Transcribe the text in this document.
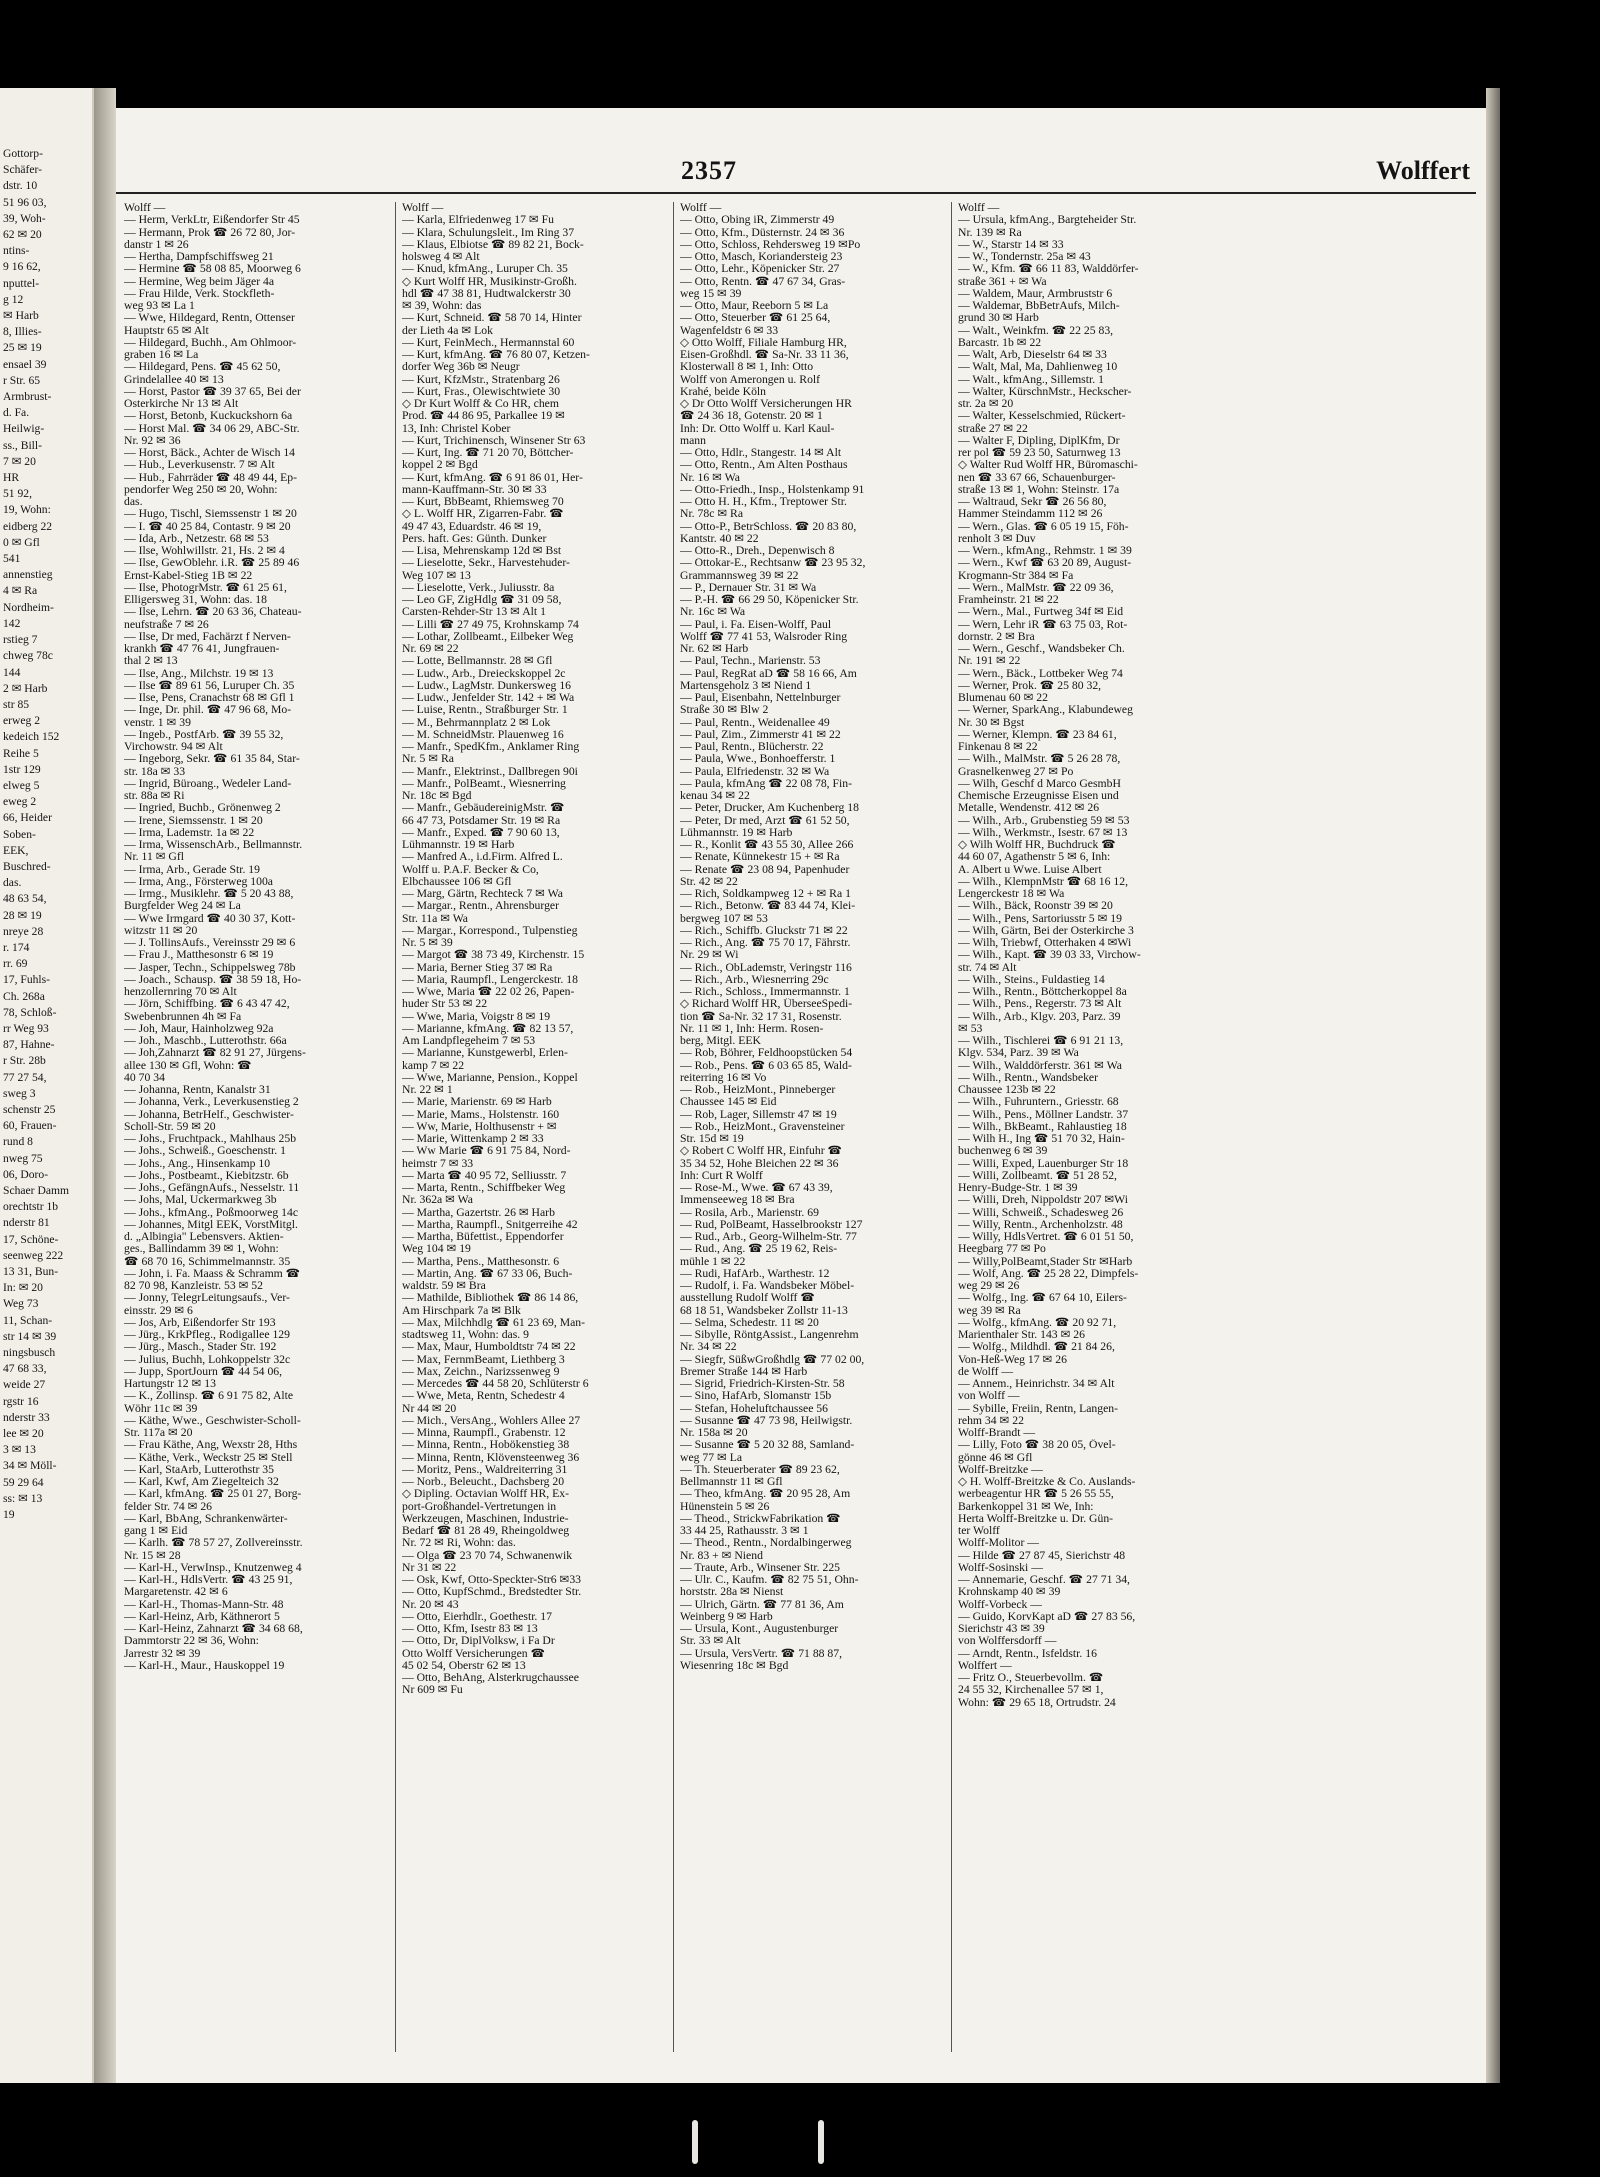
Gottorp-
Schäfer-
dstr. 10
51 96 03,
39, Woh-
62 ✉ 20
ntins-
9 16 62,
nputtel-
g 12
✉ Harb
8, Illies-
25 ✉ 19
ensael 39
r Str. 65
Armbrust-
d. Fa.
Heilwig-
ss., Bill-
7 ✉ 20
HR
51 92,
19, Wohn:
eidberg 22
0 ✉ Gfl
541
annenstieg
4 ✉ Ra
Nordheim-
142
rstieg 7
chweg 78c
144
2 ✉ Harb
str 85
erweg 2
kedeich 152
Reihe 5
1str 129
elweg 5
eweg 2
66, Heider
Soben-
EEK,
Buschred-
das.
48 63 54,
28 ✉ 19
nreye 28
r. 174
rr. 69
17, Fuhls-
Ch. 268a
78, Schloß-
rr Weg 93
87, Hahne-
r Str. 28b
77 27 54,
sweg 3
schenstr 25
60, Frauen-
rund 8
nweg 75
06, Doro-
Schaer Damm
orechtstr 1b
nderstr 81
17, Schöne-
seenweg 222
13 31, Bun-
In: ✉ 20
Weg 73
11, Schan-
str 14 ✉ 39
ningsbusch
47 68 33,
weide 27
rgstr 16
nderstr 33
lee ✉ 20
3 ✉ 13
34 ✉ Möll-
59 29 64
ss: ✉ 13
19
2357	Wolffert
Wolff —
— Herm, VerkLtr, Eißendorfer Str 45
— Hermann, Prok ☎ 26 72 80, Jor-
danstr 1 ✉ 26
— Hertha, Dampfschiffsweg 21
— Hermine ☎ 58 08 85, Moorweg 6
— Hermine, Weg beim Jäger 4a
— Frau Hilde, Verk. Stockfleth-
weg 93 ✉ La 1
— Wwe, Hildegard, Rentn, Ottenser
Hauptstr 65 ✉ Alt
— Hildegard, Buchh., Am Ohlmoor-
graben 16 ✉ La
— Hildegard, Pens. ☎ 45 62 50,
Grindelallee 40 ✉ 13
— Horst, Pastor ☎ 39 37 65, Bei der
Osterkirche Nr 13 ✉ Alt
— Horst, Betonb, Kuckuckshorn 6a
— Horst Mal. ☎ 34 06 29, ABC-Str.
Nr. 92 ✉ 36
— Horst, Bäck., Achter de Wisch 14
— Hub., Leverkusenstr. 7 ✉ Alt
— Hub., Fahrräder ☎ 48 49 44, Ep-
pendorfer Weg 250 ✉ 20, Wohn:
das.
— Hugo, Tischl, Siemssenstr 1 ✉ 20
— I. ☎ 40 25 84, Contastr. 9 ✉ 20
— Ida, Arb., Netzestr. 68 ✉ 53
— Ilse, Wohlwillstr. 21, Hs. 2 ✉ 4
— Ilse, GewOblehr. i.R. ☎ 25 89 46
Ernst-Kabel-Stieg 1B ✉ 22
— Ilse, PhotogrMstr. ☎ 61 25 61,
Elligersweg 31, Wohn: das. 18
— Ilse, Lehrn. ☎ 20 63 36, Chateau-
neufstraße 7 ✉ 26
— Ilse, Dr med, Fachärzt f Nerven-
krankh ☎ 47 76 41, Jungfrauen-
thal 2 ✉ 13
— Ilse, Ang., Milchstr. 19 ✉ 13
— Ilse ☎ 89 61 56, Luruper Ch. 35
— Ilse, Pens, Cranachstr 68 ✉ Gfl 1
— Inge, Dr. phil. ☎ 47 96 68, Mo-
venstr. 1 ✉ 39
— Ingeb., PostfArb. ☎ 39 55 32,
Virchowstr. 94 ✉ Alt
— Ingeborg, Sekr. ☎ 61 35 84, Star-
str. 18a ✉ 33
— Ingrid, Büroang., Wedeler Land-
str. 88a ✉ Ri
— Ingried, Buchb., Grönenweg 2
— Irene, Siemssenstr. 1 ✉ 20
— Irma, Lademstr. 1a ✉ 22
— Irma, WissenschArb., Bellmannstr.
Nr. 11 ✉ Gfl
— Irma, Arb., Gerade Str. 19
— Irma, Ang., Försterweg 100a
— Irmg., Musiklehr. ☎ 5 20 43 88,
Burgfelder Weg 24 ✉ La
— Wwe Irmgard ☎ 40 30 37, Kott-
witzstr 11 ✉ 20
— J. TollinsAufs., Vereinsstr 29 ✉ 6
— Frau J., Matthesonstr 6 ✉ 19
— Jasper, Techn., Schippelsweg 78b
— Joach., Schausp. ☎ 38 59 18, Ho-
henzollernring 70 ✉ Alt
— Jörn, Schiffbing. ☎ 6 43 47 42,
Swebenbrunnen 4h ✉ Fa
— Joh, Maur, Hainholzweg 92a
— Joh., Maschb., Lutterothstr. 66a
— Joh,Zahnarzt ☎ 82 91 27, Jürgens-
allee 130 ✉ Gfl, Wohn: ☎
40 70 34
— Johanna, Rentn, Kanalstr 31
— Johanna, Verk., Leverkusenstieg 2
— Johanna, BetrHelf., Geschwister-
Scholl-Str. 59 ✉ 20
— Johs., Fruchtpack., Mahlhaus 25b
— Johs., Schweiß., Goeschenstr. 1
— Johs., Ang., Hinsenkamp 10
— Johs., Postbeamt., Kiebitzstr. 6b
— Johs., GefängnAufs., Nesselstr. 11
— Johs, Mal, Uckermarkweg 3b
— Johs., kfmAng., Poßmoorweg 14c
— Johannes, Mitgl EEK, VorstMitgl.
d. „Albingia" Lebensvers. Aktien-
ges., Ballindamm 39 ✉ 1, Wohn:
☎ 68 70 16, Schimmelmannstr. 35
— John, i. Fa. Maass & Schramm ☎
82 70 98, Kanzleistr. 53 ✉ 52
— Jonny, TelegrLeitungsaufs., Ver-
einsstr. 29 ✉ 6
— Jos, Arb, Eißendorfer Str 193
— Jürg., KrkPfleg., Rodigallee 129
— Jürg., Masch., Stader Str. 192
— Julius, Buchh, Lohkoppelstr 32c
— Jupp, SportJourn ☎ 44 54 06,
Hartungstr 12 ✉ 13
— K., Zollinsp. ☎ 6 91 75 82, Alte
Wöhr 11c ✉ 39
— Käthe, Wwe., Geschwister-Scholl-
Str. 117a ✉ 20
— Frau Käthe, Ang, Wexstr 28, Hths
— Käthe, Verk., Weckstr 25 ✉ Stell
— Karl, StaArb, Lutterothstr 35
— Karl, Kwf, Am Ziegelteich 32
— Karl, kfmAng. ☎ 25 01 27, Borg-
felder Str. 74 ✉ 26
— Karl, BbAng, Schrankenwärter-
gang 1 ✉ Eid
— Karlh. ☎ 78 57 27, Zollvereinsstr.
Nr. 15 ✉ 28
— Karl-H., VerwInsp., Knutzenweg 4
— Karl-H., HdlsVertr. ☎ 43 25 91,
Margaretenstr. 42 ✉ 6
— Karl-H., Thomas-Mann-Str. 48
— Karl-Heinz, Arb, Käthnerort 5
— Karl-Heinz, Zahnarzt ☎ 34 68 68,
Dammtorstr 22 ✉ 36, Wohn:
Jarrestr 32 ✉ 39
— Karl-H., Maur., Hauskoppel 19
Wolff —
— Karla, Elfriedenweg 17 ✉ Fu
— Klara, Schulungsleit., Im Ring 37
— Klaus, Elbiotse ☎ 89 82 21, Bock-
holsweg 4 ✉ Alt
— Knud, kfmAng., Luruper Ch. 35
◇ Kurt Wolff HR, Musikinstr-Großh.
hdl ☎ 47 38 81, Hudtwalckerstr 30
✉ 39, Wohn: das
— Kurt, Schneid. ☎ 58 70 14, Hinter
der Lieth 4a ✉ Lok
— Kurt, FeinMech., Hermannstal 60
— Kurt, kfmAng. ☎ 76 80 07, Ketzen-
dorfer Weg 36b ✉ Neugr
— Kurt, KfzMstr., Stratenbarg 26
— Kurt, Fras., Olewischtwiete 30
◇ Dr Kurt Wolff & Co HR, chem
Prod. ☎ 44 86 95, Parkallee 19 ✉
13, Inh: Christel Kober
— Kurt, Trichinensch, Winsener Str 63
— Kurt, Ing. ☎ 71 20 70, Böttcher-
koppel 2 ✉ Bgd
— Kurt, kfmAng. ☎ 6 91 86 01, Her-
mann-Kauffmann-Str. 30 ✉ 33
— Kurt, BbBeamt, Rhiemsweg 70
◇ L. Wolff HR, Zigarren-Fabr. ☎
49 47 43, Eduardstr. 46 ✉ 19,
Pers. haft. Ges: Günth. Dunker
— Lisa, Mehrenskamp 12d ✉ Bst
— Lieselotte, Sekr., Harvestehuder-
Weg 107 ✉ 13
— Lieselotte, Verk., Juliusstr. 8a
— Leo GF, ZigHdlg ☎ 31 09 58,
Carsten-Rehder-Str 13 ✉ Alt 1
— Lilli ☎ 27 49 75, Krohnskamp 74
— Lothar, Zollbeamt., Eilbeker Weg
Nr. 69 ✉ 22
— Lotte, Bellmannstr. 28 ✉ Gfl
— Ludw., Arb., Dreieckskoppel 2c
— Ludw., LagMstr. Dunkersweg 16
— Ludw., Jenfelder Str. 142 + ✉ Wa
— Luise, Rentn., Straßburger Str. 1
— M., Behrmannplatz 2 ✉ Lok
— M. SchneidMstr. Plauenweg 16
— Manfr., SpedKfm., Anklamer Ring
Nr. 5 ✉ Ra
— Manfr., Elektrinst., Dallbregen 90i
— Manfr., PolBeamt., Wiesnerring
Nr. 18c ✉ Bgd
— Manfr., GebäudereinigMstr. ☎
66 47 73, Potsdamer Str. 19 ✉ Ra
— Manfr., Exped. ☎ 7 90 60 13,
Lühmannstr. 19 ✉ Harb
— Manfred A., i.d.Firm. Alfred L.
Wolff u. P.A.F. Becker & Co,
Elbchaussee 106 ✉ Gfl
— Marg, Gärtn, Rechteck 7 ✉ Wa
— Margar., Rentn., Ahrensburger
Str. 11a ✉ Wa
— Margar., Korrespond., Tulpenstieg
Nr. 5 ✉ 39
— Margot ☎ 38 73 49, Kirchenstr. 15
— Maria, Berner Stieg 37 ✉ Ra
— Maria, Raumpfl., Lengerckestr. 18
— Wwe, Maria ☎ 22 02 26, Papen-
huder Str 53 ✉ 22
— Wwe, Maria, Voigstr 8 ✉ 19
— Marianne, kfmAng. ☎ 82 13 57,
Am Landpflegeheim 7 ✉ 53
— Marianne, Kunstgewerbl, Erlen-
kamp 7 ✉ 22
— Wwe, Marianne, Pension., Koppel
Nr. 22 ✉ 1
— Marie, Marienstr. 69 ✉ Harb
— Marie, Mams., Holstenstr. 160
— Ww, Marie, Holthusenstr + ✉
— Marie, Wittenkamp 2 ✉ 33
— Ww Marie ☎ 6 91 75 84, Nord-
heimstr 7 ✉ 33
— Marta ☎ 40 95 72, Selliusstr. 7
— Marta, Rentn., Schiffbeker Weg
Nr. 362a ✉ Wa
— Martha, Gazertstr. 26 ✉ Harb
— Martha, Raumpfl., Snitgerreihe 42
— Martha, Büfettist., Eppendorfer
Weg 104 ✉ 19
— Martha, Pens., Matthesonstr. 6
— Martin, Ang. ☎ 67 33 06, Buch-
waldstr. 59 ✉ Bra
— Mathilde, Bibliothek ☎ 86 14 86,
Am Hirschpark 7a ✉ Blk
— Max, Milchhdlg ☎ 61 23 69, Man-
stadtsweg 11, Wohn: das. 9
— Max, Maur, Humboldtstr 74 ✉ 22
— Max, FernmBeamt, Liethberg 3
— Max, Zeichn., Narizssenweg 9
— Mercedes ☎ 44 58 20, Schlüterstr 6
— Wwe, Meta, Rentn, Schedestr 4
Nr 44 ✉ 20
— Mich., VersAng., Wohlers Allee 27
— Minna, Raumpfl., Grabenstr. 12
— Minna, Rentn., Hobökenstieg 38
— Minna, Rentn, Klövensteenweg 36
— Moritz, Pens., Waldreiterring 31
— Norb., Beleucht., Dachsberg 20
◇ Dipling. Octavian Wolff HR, Ex-
port-Großhandel-Vertretungen in
Werkzeugen, Maschinen, Industrie-
Bedarf ☎ 81 28 49, Rheingoldweg
Nr. 72 ✉ Ri, Wohn: das.
— Olga ☎ 23 70 74, Schwanenwik
Nr 31 ✉ 22
— Osk, Kwf, Otto-Speckter-Str6 ✉33
— Otto, KupfSchmd., Bredstedter Str.
Nr. 20 ✉ 43
— Otto, Eierhdlr., Goethestr. 17
— Otto, Kfm, Isestr 83 ✉ 13
— Otto, Dr, DiplVolksw, i Fa Dr
Otto Wolff Versicherungen ☎
45 02 54, Oberstr 62 ✉ 13
— Otto, BehAng, Alsterkrugchaussee
Nr 609 ✉ Fu
Wolff —
— Otto, Obing iR, Zimmerstr 49
— Otto, Kfm., Düsternstr. 24 ✉ 36
— Otto, Schloss, Rehdersweg 19 ✉Po
— Otto, Masch, Koriandersteig 23
— Otto, Lehr., Köpenicker Str. 27
— Otto, Rentn. ☎ 47 67 34, Gras-
weg 15 ✉ 39
— Otto, Maur, Reeborn 5 ✉ La
— Otto, Steuerber ☎ 61 25 64,
Wagenfeldstr 6 ✉ 33
◇ Otto Wolff, Filiale Hamburg HR,
Eisen-Großhdl. ☎ Sa-Nr. 33 11 36,
Klosterwall 8 ✉ 1, Inh: Otto
Wolff von Amerongen u. Rolf
Krahé, beide Köln
◇ Dr Otto Wolff Versicherungen HR
☎ 24 36 18, Gotenstr. 20 ✉ 1
Inh: Dr. Otto Wolff u. Karl Kaul-
mann
— Otto, Hdlr., Stangestr. 14 ✉ Alt
— Otto, Rentn., Am Alten Posthaus
Nr. 16 ✉ Wa
— Otto-Friedh., Insp., Holstenkamp 91
— Otto H. H., Kfm., Treptower Str.
Nr. 78c ✉ Ra
— Otto-P., BetrSchloss. ☎ 20 83 80,
Kantstr. 40 ✉ 22
— Otto-R., Dreh., Depenwisch 8
— Ottokar-E., Rechtsanw ☎ 23 95 32,
Grammannsweg 39 ✉ 22
— P., Dernauer Str. 31 ✉ Wa
— P.-H. ☎ 66 29 50, Köpenicker Str.
Nr. 16c ✉ Wa
— Paul, i. Fa. Eisen-Wolff, Paul
Wolff ☎ 77 41 53, Walsroder Ring
Nr. 62 ✉ Harb
— Paul, Techn., Marienstr. 53
— Paul, RegRat aD ☎ 58 16 66, Am
Martensgeholz 3 ✉ Niend 1
— Paul, Eisenbahn, Nettelnburger
Straße 30 ✉ Blw 2
— Paul, Rentn., Weidenallee 49
— Paul, Zim., Zimmerstr 41 ✉ 22
— Paul, Rentn., Blücherstr. 22
— Paula, Wwe., Bonhoefferstr. 1
— Paula, Elfriedenstr. 32 ✉ Wa
— Paula, kfmAng ☎ 22 08 78, Fin-
kenau 34 ✉ 22
— Peter, Drucker, Am Kuchenberg 18
— Peter, Dr med, Arzt ☎ 61 52 50,
Lühmannstr. 19 ✉ Harb
— R., Konlit ☎ 43 55 30, Allee 266
— Renate, Künnekestr 15 + ✉ Ra
— Renate ☎ 23 08 94, Papenhuder
Str. 42 ✉ 22
— Rich, Soldkampweg 12 + ✉ Ra 1
— Rich., Betonw. ☎ 83 44 74, Klei-
bergweg 107 ✉ 53
— Rich., Schiffb. Gluckstr 71 ✉ 22
— Rich., Ang. ☎ 75 70 17, Fährstr.
Nr. 29 ✉ Wi
— Rich., ObLademstr, Veringstr 116
— Rich., Arb., Wiesnerring 29c
— Rich., Schloss., Immermannstr. 1
◇ Richard Wolff HR, ÜberseeSpedi-
tion ☎ Sa-Nr. 32 17 31, Rosenstr.
Nr. 11 ✉ 1, Inh: Herm. Rosen-
berg, Mitgl. EEK
— Rob, Böhrer, Feldhoopstücken 54
— Rob., Pens. ☎ 6 03 65 85, Wald-
reiterring 16 ✉ Vo
— Rob., HeizMont., Pinneberger
Chaussee 145 ✉ Eid
— Rob, Lager, Sillemstr 47 ✉ 19
— Rob., HeizMont., Gravensteiner
Str. 15d ✉ 19
◇ Robert C Wolff HR, Einfuhr ☎
35 34 52, Hohe Bleichen 22 ✉ 36
Inh: Curt R Wolff
— Rose-M., Wwe. ☎ 67 43 39,
Immenseeweg 18 ✉ Bra
— Rosila, Arb., Marienstr. 69
— Rud, PolBeamt, Hasselbrookstr 127
— Rud., Arb., Georg-Wilhelm-Str. 77
— Rud., Ang. ☎ 25 19 62, Reis-
mühle 1 ✉ 22
— Rudi, HafArb., Warthestr. 12
— Rudolf, i. Fa. Wandsbeker Möbel-
ausstellung Rudolf Wolff ☎
68 18 51, Wandsbeker Zollstr 11-13
— Selma, Schedestr. 11 ✉ 20
— Sibylle, RöntgAssist., Langenrehm
Nr. 34 ✉ 22
— Siegfr, SüßwGroßhdlg ☎ 77 02 00,
Bremer Straße 144 ✉ Harb
— Sigrid, Friedrich-Kirsten-Str. 58
— Sino, HafArb, Slomanstr 15b
— Stefan, Hoheluftchaussee 56
— Susanne ☎ 47 73 98, Heilwigstr.
Nr. 158a ✉ 20
— Susanne ☎ 5 20 32 88, Samland-
weg 77 ✉ La
— Th. Steuerberater ☎ 89 23 62,
Bellmannstr 11 ✉ Gfl
— Theo, kfmAng. ☎ 20 95 28, Am
Hünenstein 5 ✉ 26
— Theod., StrickwFabrikation ☎
33 44 25, Rathausstr. 3 ✉ 1
— Theod., Rentn., Nordalbingerweg
Nr. 83 + ✉ Niend
— Traute, Arb., Winsener Str. 225
— Ulr. C., Kaufm. ☎ 82 75 51, Ohn-
horststr. 28a ✉ Nienst
— Ulrich, Gärtn. ☎ 77 81 36, Am
Weinberg 9 ✉ Harb
— Ursula, Kont., Augustenburger
Str. 33 ✉ Alt
— Ursula, VersVertr. ☎ 71 88 87,
Wiesenring 18c ✉ Bgd
Wolff —
— Ursula, kfmAng., Bargteheider Str.
Nr. 139 ✉ Ra
— W., Starstr 14 ✉ 33
— W., Tondernstr. 25a ✉ 43
— W., Kfm. ☎ 66 11 83, Walddörfer-
straße 361 + ✉ Wa
— Waldem, Maur, Armbruststr 6
— Waldemar, BbBetrAufs, Milch-
grund 30 ✉ Harb
— Walt., Weinkfm. ☎ 22 25 83,
Barcastr. 1b ✉ 22
— Walt, Arb, Dieselstr 64 ✉ 33
— Walt, Mal, Ma, Dahlienweg 10
— Walt., kfmAng., Sillemstr. 1
— Walter, KürschnMstr., Heckscher-
str. 2a ✉ 20
— Walter, Kesselschmied, Rückert-
straße 27 ✉ 22
— Walter F, Dipling, DiplKfm, Dr
rer pol ☎ 59 23 50, Saturnweg 13
◇ Walter Rud Wolff HR, Büromaschi-
nen ☎ 33 67 66, Schauenburger-
straße 13 ✉ 1, Wohn: Steinstr. 17a
— Waltraud, Sekr ☎ 26 56 80,
Hammer Steindamm 112 ✉ 26
— Wern., Glas. ☎ 6 05 19 15, Föh-
renholt 3 ✉ Duv
— Wern., kfmAng., Rehmstr. 1 ✉ 39
— Wern., Kwf ☎ 63 20 89, August-
Krogmann-Str 384 ✉ Fa
— Wern., MalMstr. ☎ 22 09 36,
Framheinstr. 21 ✉ 22
— Wern., Mal., Furtweg 34f ✉ Eid
— Wern, Lehr iR ☎ 63 75 03, Rot-
dornstr. 2 ✉ Bra
— Wern., Geschf., Wandsbeker Ch.
Nr. 191 ✉ 22
— Wern., Bäck., Lottbeker Weg 74
— Werner, Prok. ☎ 25 80 32,
Blumenau 60 ✉ 22
— Werner, SparkAng., Klabundeweg
Nr. 30 ✉ Bgst
— Werner, Klempn. ☎ 23 84 61,
Finkenau 8 ✉ 22
— Wilh., MalMstr. ☎ 5 26 28 78,
Grasnelkenweg 27 ✉ Po
— Wilh, Geschf d Marco GesmbH
Chemische Erzeugnisse Eisen und
Metalle, Wendenstr. 412 ✉ 26
— Wilh., Arb., Grubenstieg 59 ✉ 53
— Wilh., Werkmstr., Isestr. 67 ✉ 13
◇ Wilh Wolff HR, Buchdruck ☎
44 60 07, Agathenstr 5 ✉ 6, Inh:
A. Albert u Wwe. Luise Albert
— Wilh., KlempnMstr ☎ 68 16 12,
Lengerckestr 18 ✉ Wa
— Wilh., Bäck, Roonstr 39 ✉ 20
— Wilh., Pens, Sartoriusstr 5 ✉ 19
— Wilh, Gärtn, Bei der Osterkirche 3
— Wilh, Triebwf, Otterhaken 4 ✉Wi
— Wilh., Kapt. ☎ 39 03 33, Virchow-
str. 74 ✉ Alt
— Wilh., Steins., Fuldastieg 14
— Wilh., Rentn., Böttcherkoppel 8a
— Wilh., Pens., Regerstr. 73 ✉ Alt
— Wilh., Arb., Klgv. 203, Parz. 39
✉ 53
— Wilh., Tischlerei ☎ 6 91 21 13,
Klgv. 534, Parz. 39 ✉ Wa
— Wilh., Walddörferstr. 361 ✉ Wa
— Wilh., Rentn., Wandsbeker
Chaussee 123b ✉ 22
— Wilh., Fuhruntern., Griesstr. 68
— Wilh., Pens., Möllner Landstr. 37
— Wilh., BkBeamt., Rahlaustieg 18
— Wilh H., Ing ☎ 51 70 32, Hain-
buchenweg 6 ✉ 39
— Willi, Exped, Lauenburger Str 18
— Willi, Zollbeamt. ☎ 51 28 52,
Henry-Budge-Str. 1 ✉ 39
— Willi, Dreh, Nippoldstr 207 ✉Wi
— Willi, Schweiß., Schadesweg 26
— Willy, Rentn., Archenholzstr. 48
— Willy, HdlsVertret. ☎ 6 01 51 50,
Heegbarg 77 ✉ Po
— Willy,PolBeamt,Stader Str ✉Harb
— Wolf, Ang. ☎ 25 28 22, Dimpfels-
weg 29 ✉ 26
— Wolfg., Ing. ☎ 67 64 10, Eilers-
weg 39 ✉ Ra
— Wolfg., kfmAng. ☎ 20 92 71,
Marienthaler Str. 143 ✉ 26
— Wolfg., Mildhdl. ☎ 21 84 26,
Von-Heß-Weg 17 ✉ 26
de Wolff —
— Annem., Heinrichstr. 34 ✉ Alt
von Wolff —
— Sybille, Freiin, Rentn, Langen-
rehm 34 ✉ 22
Wolff-Brandt —
— Lilly, Foto ☎ 38 20 05, Övel-
gönne 46 ✉ Gfl
Wolff-Breitzke —
◇ H. Wolff-Breitzke & Co. Auslands-
werbeagentur HR ☎ 5 26 55 55,
Barkenkoppel 31 ✉ We, Inh:
Herta Wolff-Breitzke u. Dr. Gün-
ter Wolff
Wolff-Molitor —
— Hilde ☎ 27 87 45, Sierichstr 48
Wolff-Sosinski —
— Annemarie, Geschf. ☎ 27 71 34,
Krohnskamp 40 ✉ 39
Wolff-Vorbeck —
— Guido, KorvKapt aD ☎ 27 83 56,
Sierichstr 43 ✉ 39
von Wolffersdorff —
— Arndt, Rentn., Isfeldstr. 16
Wolffert —
— Fritz O., Steuerbevollm. ☎
24 55 32, Kirchenallee 57 ✉ 1,
Wohn: ☎ 29 65 18, Ortrudstr. 24
